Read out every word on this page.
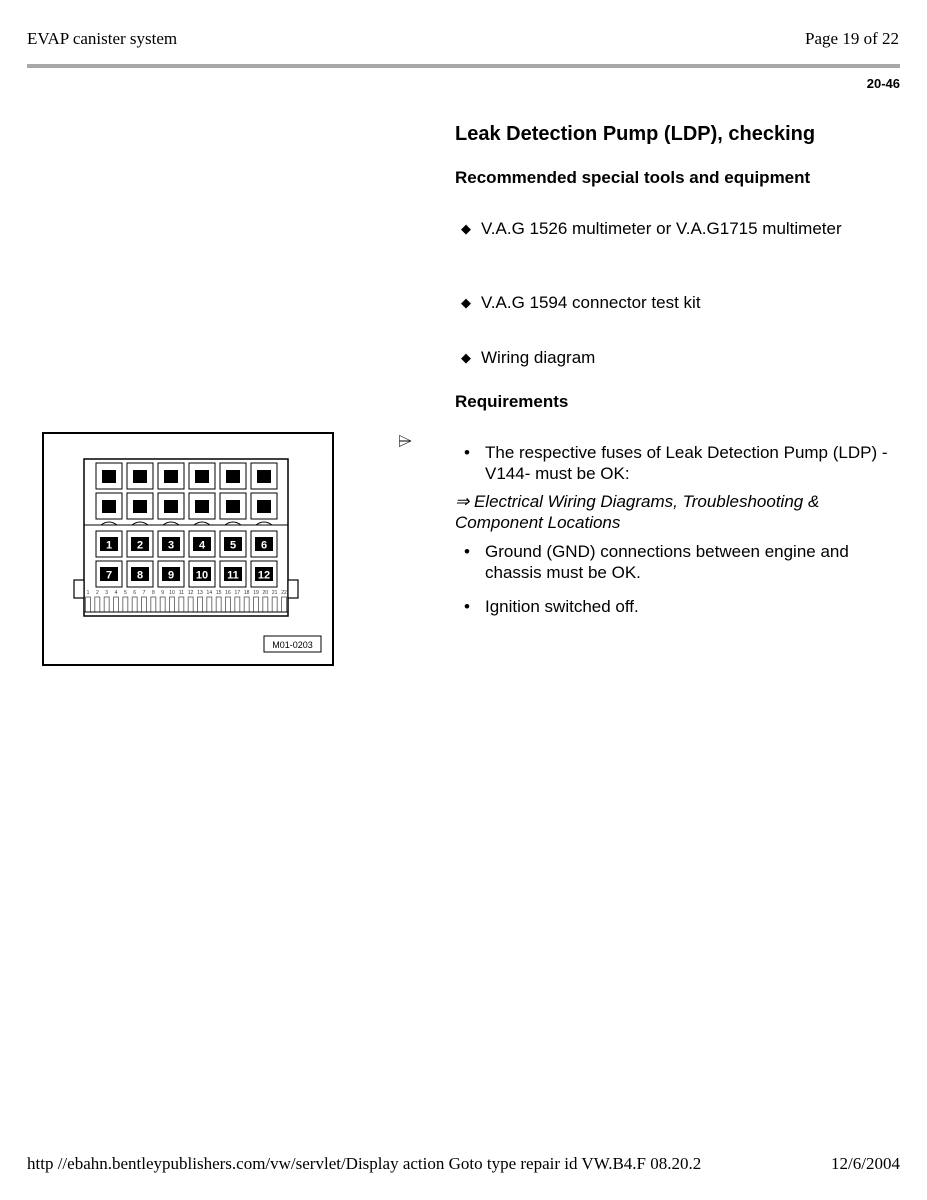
EVAP canister system	Page 19 of 22
20-46
Leak Detection Pump (LDP), checking
Recommended special tools and equipment
◆ V.A.G 1526 multimeter or V.A.G1715 multimeter
◆ V.A.G 1594 connector test kit
◆ Wiring diagram
Requirements
⌲
• The respective fuses of Leak Detection Pump (LDP) -V144- must be OK:
⇒ Electrical Wiring Diagrams, Troubleshooting & Component Locations
• Ground (GND) connections between engine and chassis must be OK.
• Ignition switched off.
1 2 3 4 5 6
7 8 9 10 11 12
1 2 3 4 5 6 7 8 9 10 11 12 13 14 15 16 17 18 19 20 21 22
M01-0203
http //ebahn.bentleypublishers.com/vw/servlet/Display action Goto type repair id VW.B4.F 08.20.2	12/6/2004
